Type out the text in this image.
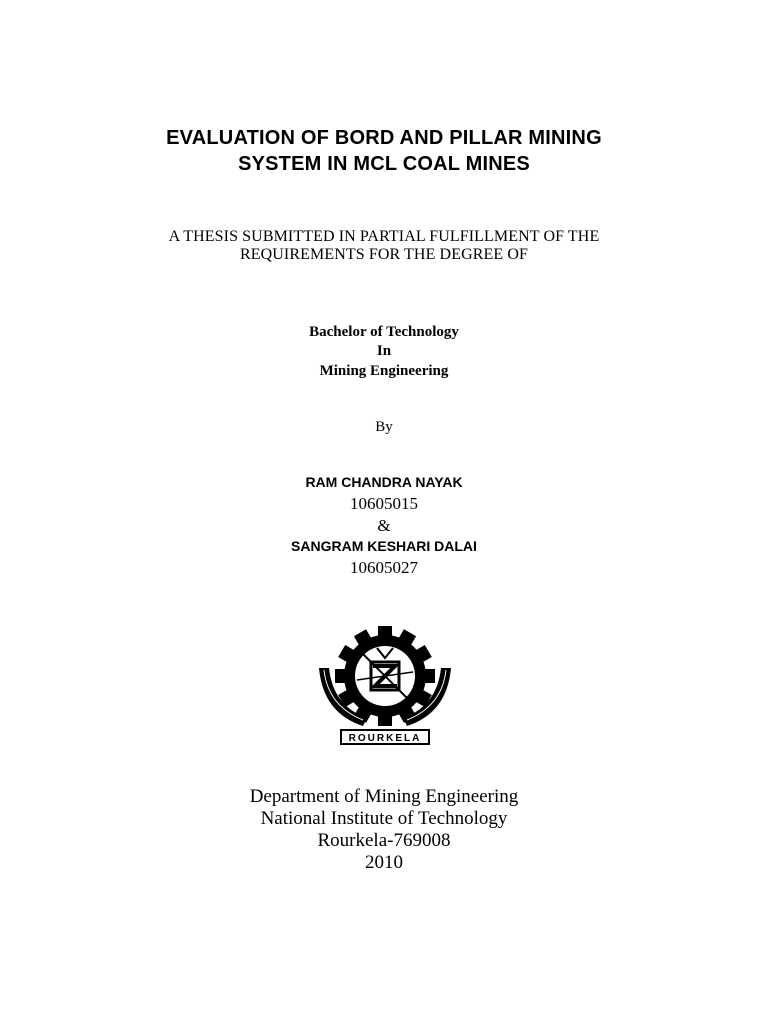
EVALUATION OF BORD AND PILLAR MINING
SYSTEM IN MCL COAL MINES
A THESIS SUBMITTED IN PARTIAL FULFILLMENT OF THE
REQUIREMENTS FOR THE DEGREE OF
Bachelor of Technology
In
Mining Engineering
By
RAM CHANDRA NAYAK
10605015
&
SANGRAM KESHARI DALAI
10605027
ROURKELA
Department of Mining Engineering
National Institute of Technology
Rourkela-769008
2010
